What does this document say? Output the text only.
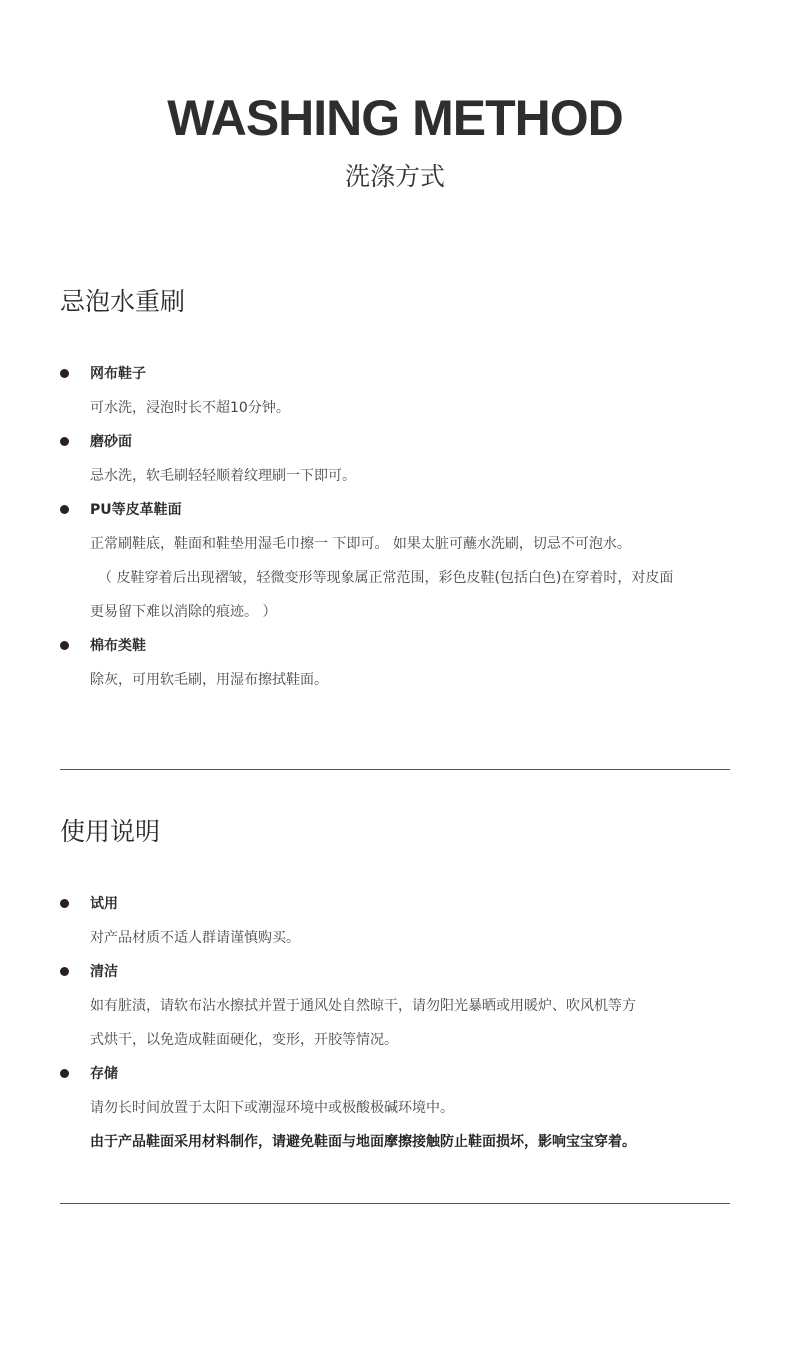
WASHING METHOD
洗涤方式
忌泡水重刷
网布鞋子
可水洗，浸泡时长不超10分钟。
磨砂面
忌水洗，软毛刷轻轻顺着纹理刷一下即可。
PU等皮革鞋面
正常刷鞋底，鞋面和鞋垫用湿毛巾擦一 下即可。 如果太脏可蘸水洗刷，切忌不可泡水。
（ 皮鞋穿着后出现褶皱，轻微变形等现象属正常范围，彩色皮鞋(包括白色)在穿着时，对皮面
更易留下难以消除的痕迹。 ）
棉布类鞋
除灰，可用软毛刷，用湿布擦拭鞋面。
使用说明
试用
对产品材质不适人群请谨慎购买。
清洁
如有脏渍，请软布沾水擦拭并置于通风处自然晾干，请勿阳光暴晒或用暖炉、吹风机等方
式烘干，以免造成鞋面硬化，变形，开胶等情况。
存储
请勿长时间放置于太阳下或潮湿环境中或极酸极碱环境中。
由于产品鞋面采用材料制作，请避免鞋面与地面摩擦接触防止鞋面损坏，影响宝宝穿着。
